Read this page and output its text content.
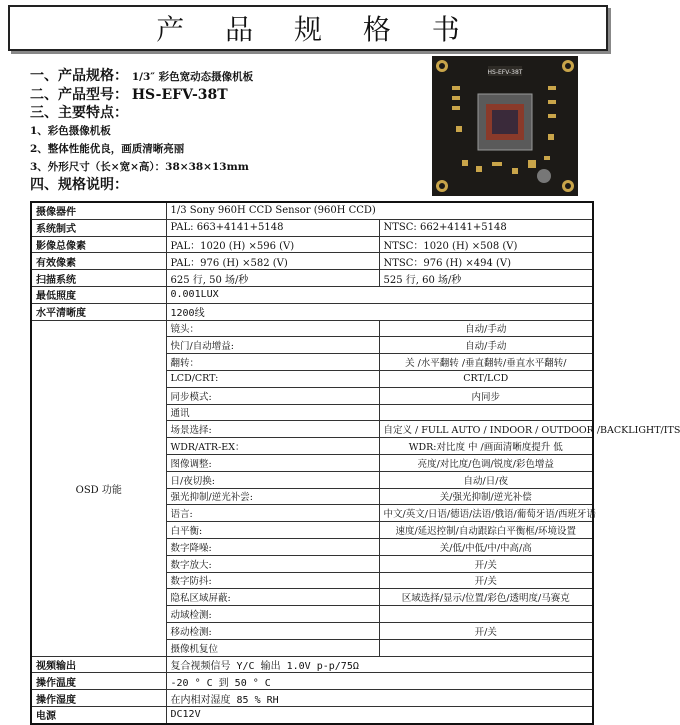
产 品 规 格 书
一、产品规格： 1/3″ 彩色宽动态摄像机板
二、产品型号： HS-EFV-38T
三、主要特点：
1、彩色摄像机板
2、整体性能优良，画质清晰亮丽
3、外形尺寸（长×宽×高）：38×38×13mm
四、规格说明：
HS-EFV-38T
摄像器件	1/3 Sony 960H CCD Sensor (960H CCD)	
系统制式	PAL: 663+4141+5148	NTSC: 662+4141+5148
影像总像素	PAL：1020 (H) ×596 (V)	NTSC：1020 (H) ×508 (V)
有效像素	PAL：976 (H) ×582 (V)	NTSC：976 (H) ×494 (V)
扫描系统	625 行, 50 场/秒	525 行, 60 场/秒
最低照度	0.001LUX	
水平清晰度	1200线	
OSD 功能	镜头：	自动/手动
	快门/自动增益:	自动/手动
	翻转：	关 /水平翻转 /垂直翻转/垂直水平翻转/
	LCD/CRT:	CRT/LCD
	同步模式:	内同步
	通讯	
	场景选择:	自定义 / FULL AUTO / INDOOR / OUTDOOR /BACKLIGHT/ITS
	WDR/ATR-EX：	WDR:对比度 中 /画面清晰度提升 低
	图像调整:	亮度/对比度/色调/锐度/彩色增益
	日/夜切换:	自动/日/夜
	强光抑制/逆光补尝:	关/强光抑制/逆光补偿
	语言:	中文/英文/日语/德语/法语/俄语/葡萄牙语/西班牙语
	白平衡:	速度/延迟控制/自动跟踪白平衡框/环境设置
	数字降噪:	关/低/中低/中/中高/高
	数字放大:	开/关
	数字防抖:	开/关
	隐私区域屏蔽:	区域选择/显示/位置/彩色/透明度/马赛克
	动域检测:	
	移动检测:	开/关
	摄像机复位	
视频输出	复合视频信号 Y/C 输出 1.0V p-p/75Ω	
操作温度	-20 ° C 到 50 ° C	
操作湿度	在内相对湿度 85 % RH	
电源	DC12V	
